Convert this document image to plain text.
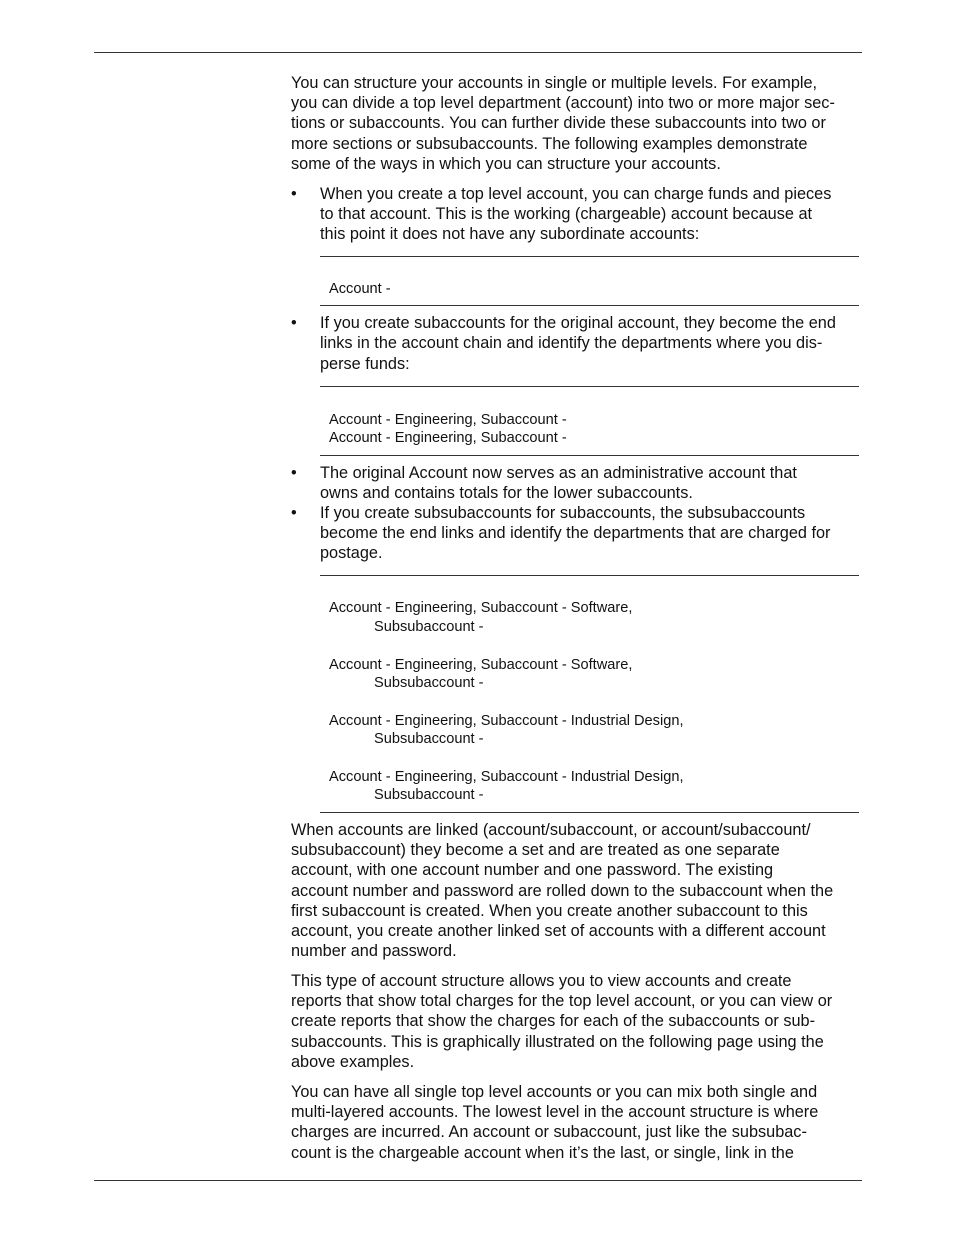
You can structure your accounts in single or multiple levels. For example,
you can divide a top level department (account) into two or more major sec-
tions or subaccounts. You can further divide these subaccounts into two or
more sections or subsubaccounts. The following examples demonstrate
some of the ways in which you can structure your accounts.
• When you create a top level account, you can charge funds and pieces
to that account. This is the working (chargeable) account because at
this point it does not have any subordinate accounts:
Account -
• If you create subaccounts for the original account, they become the end
links in the account chain and identify the departments where you dis-
perse funds:
Account - Engineering, Subaccount -
Account - Engineering, Subaccount -
• The original Account now serves as an administrative account that
owns and contains totals for the lower subaccounts.
• If you create subsubaccounts for subaccounts, the subsubaccounts
become the end links and identify the departments that are charged for
postage.
Account - Engineering, Subaccount - Software,
Subsubaccount -
Account - Engineering, Subaccount - Software,
Subsubaccount -
Account - Engineering, Subaccount - Industrial Design,
Subsubaccount -
Account - Engineering, Subaccount - Industrial Design,
Subsubaccount -
When accounts are linked (account/subaccount, or account/subaccount/
subsubaccount) they become a set and are treated as one separate
account, with one account number and one password. The existing
account number and password are rolled down to the subaccount when the
first subaccount is created. When you create another subaccount to this
account, you create another linked set of accounts with a different account
number and password.
This type of account structure allows you to view accounts and create
reports that show total charges for the top level account, or you can view or
create reports that show the charges for each of the subaccounts or sub-
subaccounts. This is graphically illustrated on the following page using the
above examples.
You can have all single top level accounts or you can mix both single and
multi-layered accounts. The lowest level in the account structure is where
charges are incurred. An account or subaccount, just like the subsubac-
count is the chargeable account when it’s the last, or single, link in the
